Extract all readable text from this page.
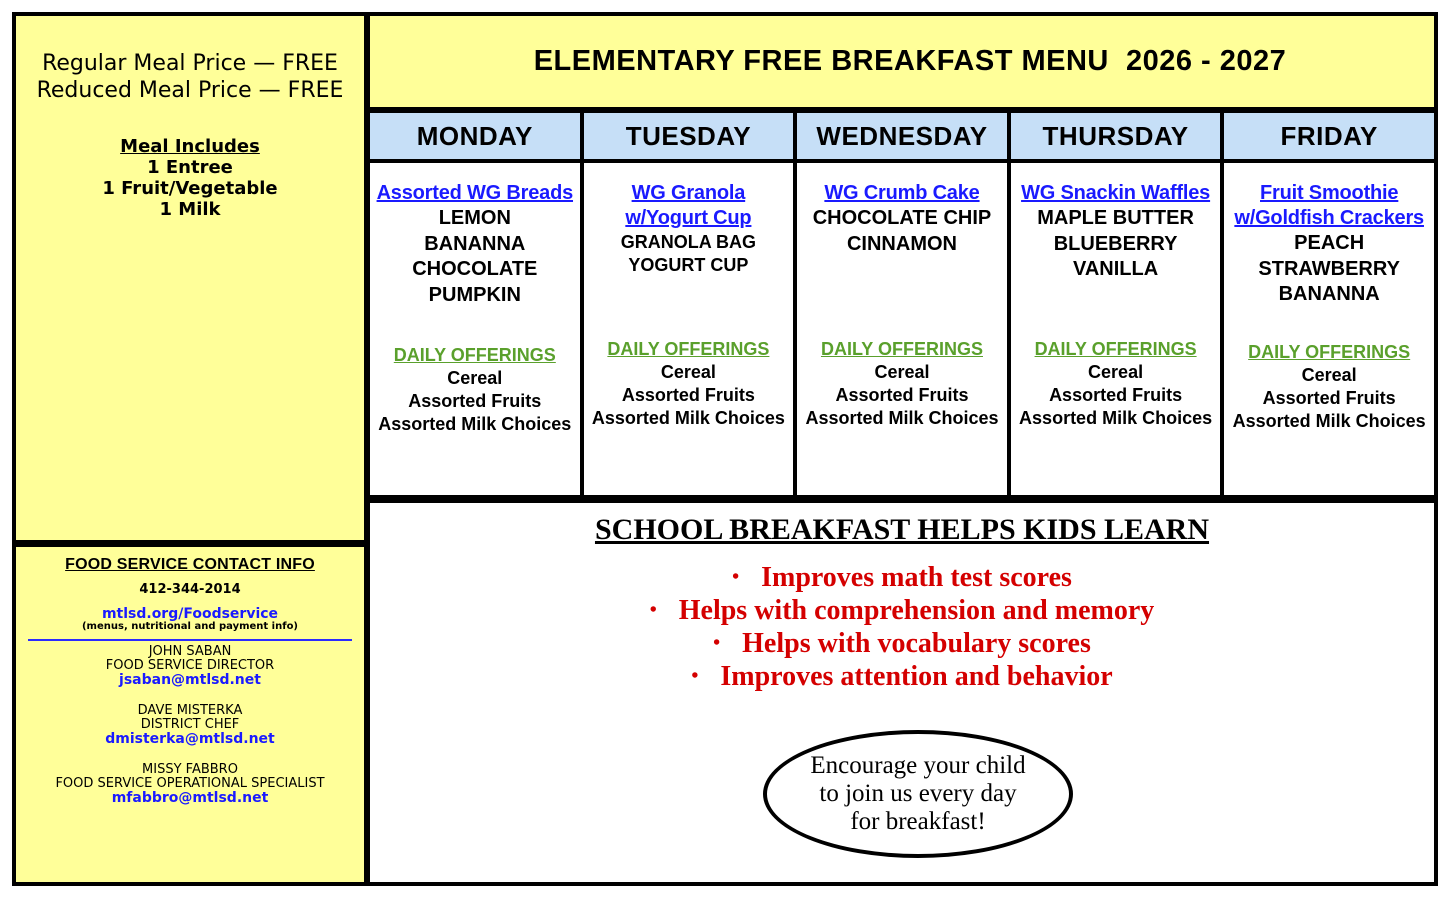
Regular Meal Price — FREE
Reduced Meal Price — FREE
Meal Includes
1 Entree
1 Fruit/Vegetable
1 Milk
FOOD SERVICE CONTACT INFO
412-344-2014
mtlsd.org/Foodservice
(menus, nutritional and payment info)
JOHN SABAN
FOOD SERVICE DIRECTOR
jsaban@mtlsd.net
DAVE MISTERKA
DISTRICT CHEF
dmisterka@mtlsd.net
MISSY FABBRO
FOOD SERVICE OPERATIONAL SPECIALIST
mfabbro@mtlsd.net
ELEMENTARY FREE BREAKFAST MENU  2026 - 2027
MONDAY
Assorted WG Breads
LEMON
BANANNA
CHOCOLATE
PUMPKIN
DAILY OFFERINGS
Cereal
Assorted Fruits
Assorted Milk Choices
TUESDAY
WG Granola
w/Yogurt Cup
GRANOLA BAG
YOGURT CUP
DAILY OFFERINGS
Cereal
Assorted Fruits
Assorted Milk Choices
WEDNESDAY
WG Crumb Cake
CHOCOLATE CHIP
CINNAMON
DAILY OFFERINGS
Cereal
Assorted Fruits
Assorted Milk Choices
THURSDAY
WG Snackin Waffles
MAPLE BUTTER
BLUEBERRY
VANILLA
DAILY OFFERINGS
Cereal
Assorted Fruits
Assorted Milk Choices
FRIDAY
Fruit Smoothie
w/Goldfish Crackers
PEACH
STRAWBERRY
BANANNA
DAILY OFFERINGS
Cereal
Assorted Fruits
Assorted Milk Choices
SCHOOL BREAKFAST HELPS KIDS LEARN
• Improves math test scores
• Helps with comprehension and memory
• Helps with vocabulary scores
• Improves attention and behavior
Encourage your child to join us every day for breakfast!
